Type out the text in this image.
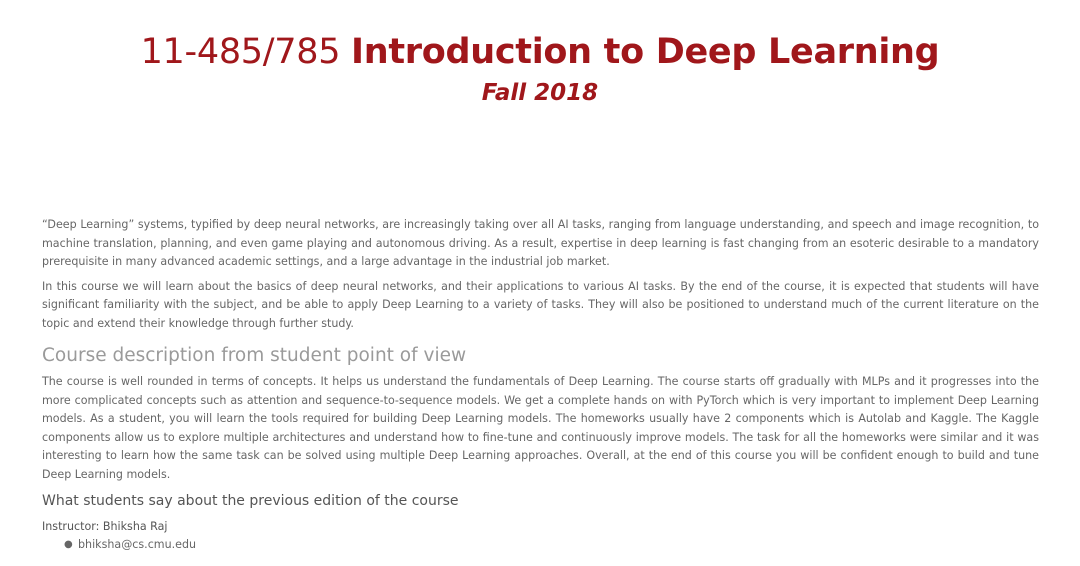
11-485/785 Introduction to Deep Learning
Fall 2018

“Deep Learning” systems, typified by deep neural networks, are increasingly taking over all AI tasks, ranging from language understanding, and speech and image recognition, to machine translation, planning, and even game playing and autonomous driving. As a result, expertise in deep learning is fast changing from an esoteric desirable to a mandatory prerequisite in many advanced academic settings, and a large advantage in the industrial job market.

In this course we will learn about the basics of deep neural networks, and their applications to various AI tasks. By the end of the course, it is expected that students will have significant familiarity with the subject, and be able to apply Deep Learning to a variety of tasks. They will also be positioned to understand much of the current literature on the topic and extend their knowledge through further study.

Course description from student point of view

The course is well rounded in terms of concepts. It helps us understand the fundamentals of Deep Learning. The course starts off gradually with MLPs and it progresses into the more complicated concepts such as attention and sequence-to-sequence models. We get a complete hands on with PyTorch which is very important to implement Deep Learning models. As a student, you will learn the tools required for building Deep Learning models. The homeworks usually have 2 components which is Autolab and Kaggle. The Kaggle components allow us to explore multiple architectures and understand how to fine-tune and continuously improve models. The task for all the homeworks were similar and it was interesting to learn how the same task can be solved using multiple Deep Learning approaches. Overall, at the end of this course you will be confident enough to build and tune Deep Learning models.

What students say about the previous edition of the course
Instructor: Bhiksha Raj
● bhiksha@cs.cmu.edu
